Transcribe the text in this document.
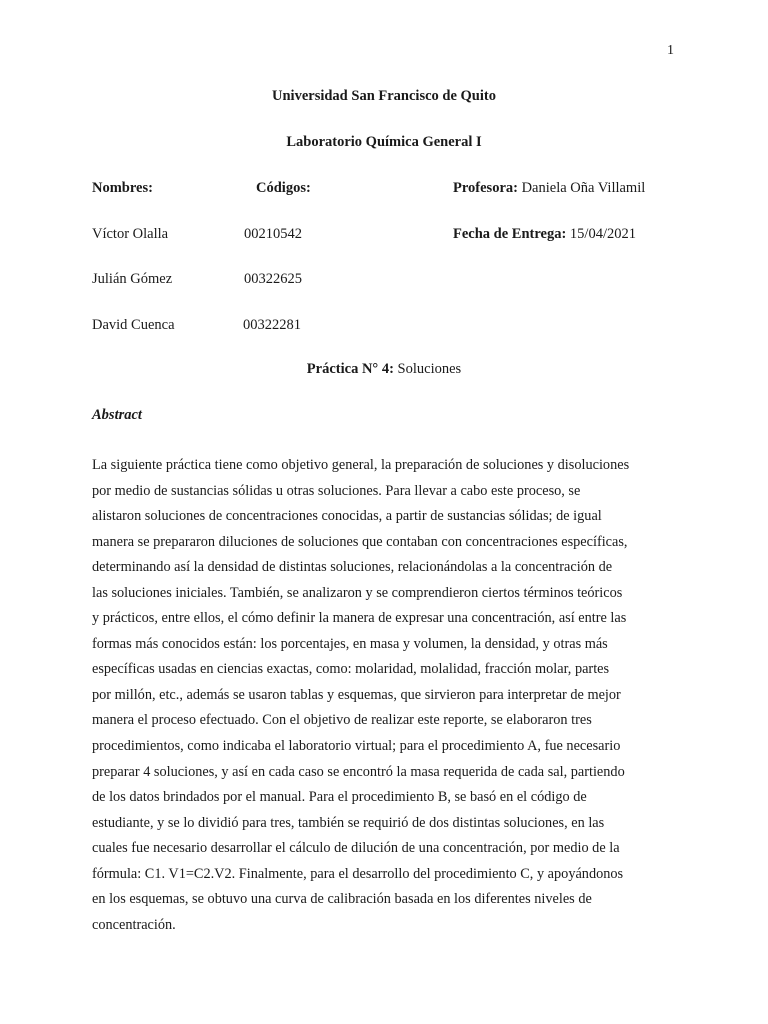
1
Universidad San Francisco de Quito
Laboratorio Química General I
Nombres:	Códigos:	Profesora: Daniela Oña Villamil
Víctor Olalla	00210542	Fecha de Entrega: 15/04/2021
Julián Gómez	00322625
David Cuenca	00322281
Práctica N° 4: Soluciones
Abstract
La siguiente práctica tiene como objetivo general, la preparación de soluciones y disoluciones
por medio de sustancias sólidas u otras soluciones. Para llevar a cabo este proceso, se
alistaron soluciones de concentraciones conocidas, a partir de sustancias sólidas; de igual
manera se prepararon diluciones de soluciones que contaban con concentraciones específicas,
determinando así la densidad de distintas soluciones, relacionándolas a la concentración de
las soluciones iniciales. También, se analizaron y se comprendieron ciertos términos teóricos
y prácticos, entre ellos, el cómo definir la manera de expresar una concentración, así entre las
formas más conocidos están: los porcentajes, en masa y volumen, la densidad, y otras más
específicas usadas en ciencias exactas, como: molaridad, molalidad, fracción molar, partes
por millón, etc., además se usaron tablas y esquemas, que sirvieron para interpretar de mejor
manera el proceso efectuado. Con el objetivo de realizar este reporte, se elaboraron tres
procedimientos, como indicaba el laboratorio virtual; para el procedimiento A, fue necesario
preparar 4 soluciones, y así en cada caso se encontró la masa requerida de cada sal, partiendo
de los datos brindados por el manual. Para el procedimiento B, se basó en el código de
estudiante, y se lo dividió para tres, también se requirió de dos distintas soluciones, en las
cuales fue necesario desarrollar el cálculo de dilución de una concentración, por medio de la
fórmula: C1. V1=C2.V2. Finalmente, para el desarrollo del procedimiento C, y apoyándonos
en los esquemas, se obtuvo una curva de calibración basada en los diferentes niveles de
concentración.
